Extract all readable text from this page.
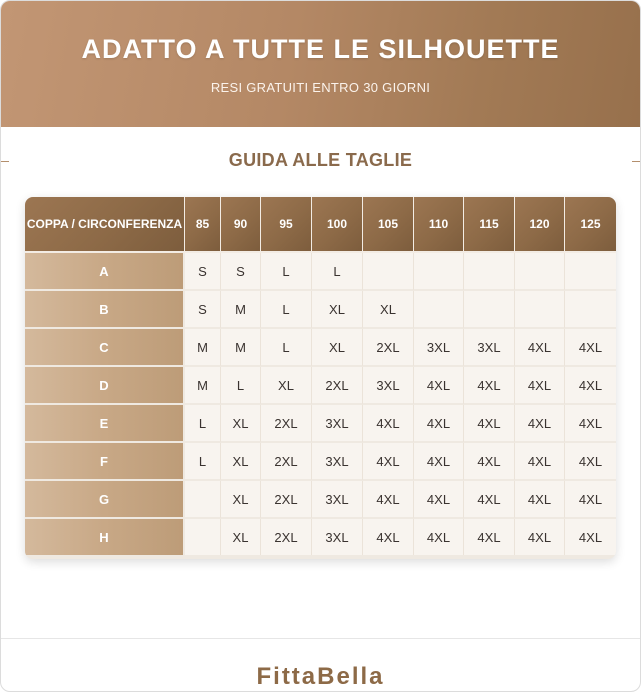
ADATTO A TUTTE LE SILHOUETTE
RESI GRATUITI ENTRO 30 GIORNI
GUIDA ALLE TAGLIE
COPPA / CIRCONFERENZA	85	90	95	100	105	110	115	120	125
A	S	S	L	L					
B	S	M	L	XL	XL				
C	M	M	L	XL	2XL	3XL	3XL	4XL	4XL
D	M	L	XL	2XL	3XL	4XL	4XL	4XL	4XL
E	L	XL	2XL	3XL	4XL	4XL	4XL	4XL	4XL
F	L	XL	2XL	3XL	4XL	4XL	4XL	4XL	4XL
G		XL	2XL	3XL	4XL	4XL	4XL	4XL	4XL
H		XL	2XL	3XL	4XL	4XL	4XL	4XL	4XL
FittaBella
